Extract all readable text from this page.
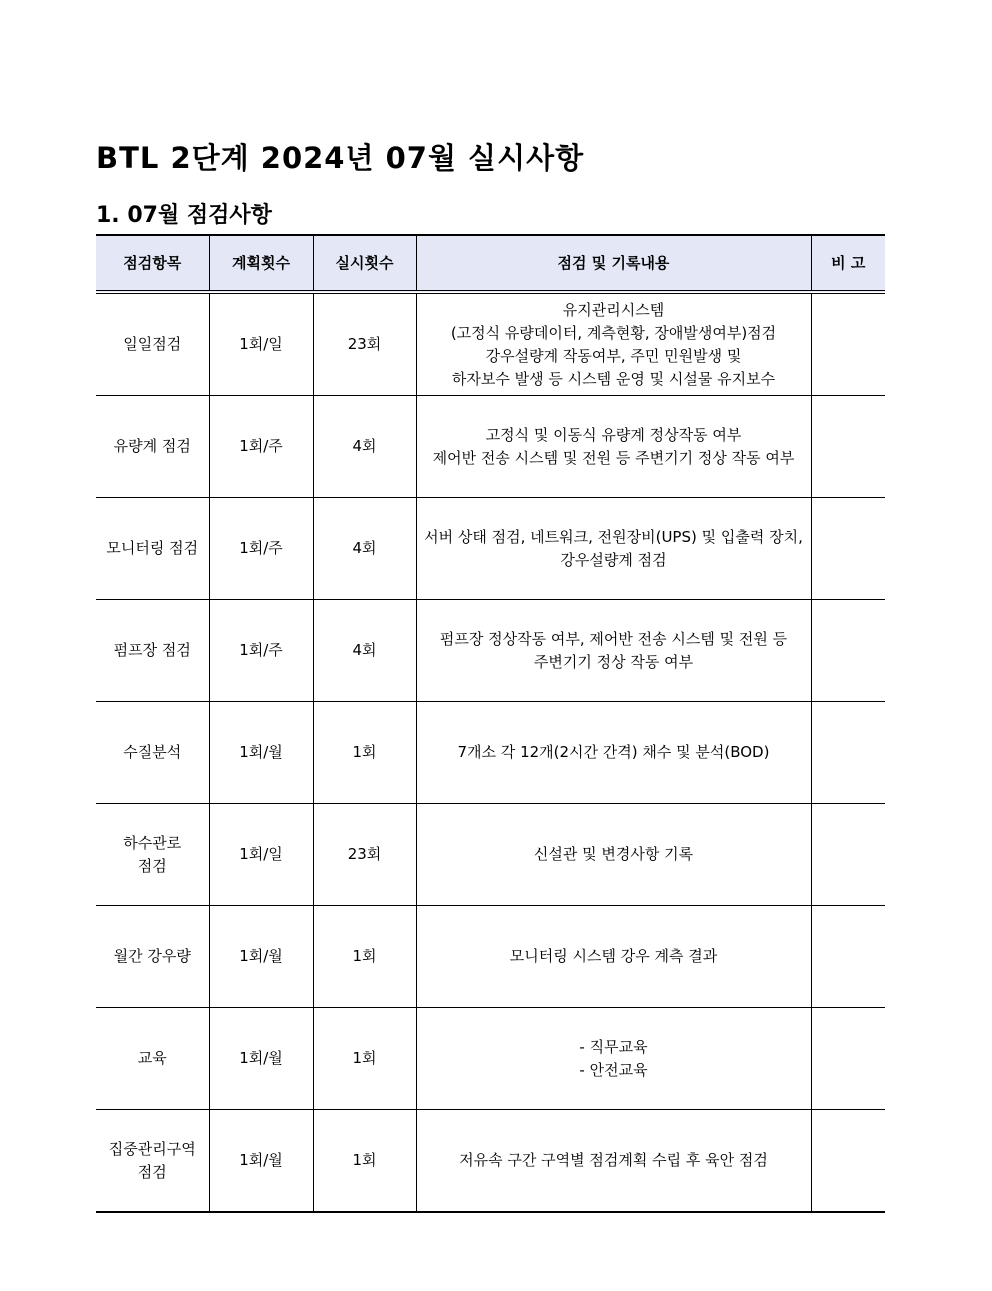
BTL 2단계 2024년 07월 실시사항
1. 07월 점검사항
점검항목	계획횟수	실시횟수	점검 및 기록내용	비 고

일일점검	1회/일	23회	유지관리시스템
(고정식 유량데이터, 계측현황, 장애발생여부)점검
강우설량계 작동여부, 주민 민원발생 및
하자보수 발생 등 시스템 운영 및 시설물 유지보수	

유량계 점검	1회/주	4회	고정식 및 이동식 유량계 정상작동 여부
제어반 전송 시스템 및 전원 등 주변기기 정상 작동 여부	

모니터링 점검	1회/주	4회	서버 상태 점검, 네트워크, 전원장비(UPS) 및 입출력 장치,
강우설량계 점검	

펌프장 점검	1회/주	4회	펌프장 정상작동 여부, 제어반 전송 시스템 및 전원 등
주변기기 정상 작동 여부	

수질분석	1회/월	1회	7개소 각 12개(2시간 간격) 채수 및 분석(BOD)	

하수관로
점검	1회/일	23회	신설관 및 변경사항 기록	

월간 강우량	1회/월	1회	모니터링 시스템 강우 계측 결과	

교육	1회/월	1회	- 직무교육
- 안전교육	

집중관리구역
점검	1회/월	1회	저유속 구간 구역별 점검계획 수립 후 육안 점검	
